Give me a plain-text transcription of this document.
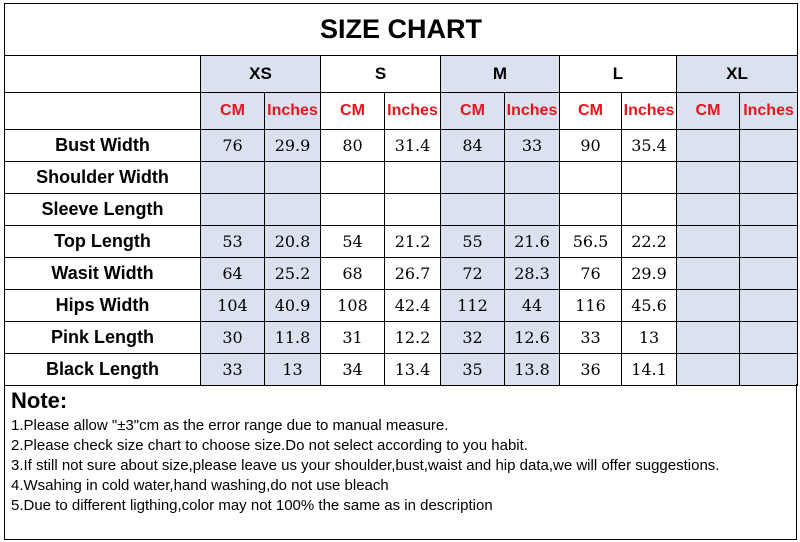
SIZE CHART										
	XS		S		M		L		XL	
	CM	Inches	CM	Inches	CM	Inches	CM	Inches	CM	Inches
Bust Width	76	29.9	80	31.4	84	33	90	35.4		
Shoulder Width										
Sleeve Length										
Top Length	53	20.8	54	21.2	55	21.6	56.5	22.2		
Wasit Width	64	25.2	68	26.7	72	28.3	76	29.9		
Hips Width	104	40.9	108	42.4	112	44	116	45.6		
Pink Length	30	11.8	31	12.2	32	12.6	33	13		
Black Length	33	13	34	13.4	35	13.8	36	14.1		
Note:
1.Please allow "±3"cm as the error range due to manual measure.
2.Please check size chart to choose size.Do not select according to you habit.
3.If still not sure about size,please leave us your shoulder,bust,waist and hip data,we will offer suggestions.
4.Wsahing in cold water,hand washing,do not use bleach
5.Due to different ligthing,color may not 100% the same as in description
